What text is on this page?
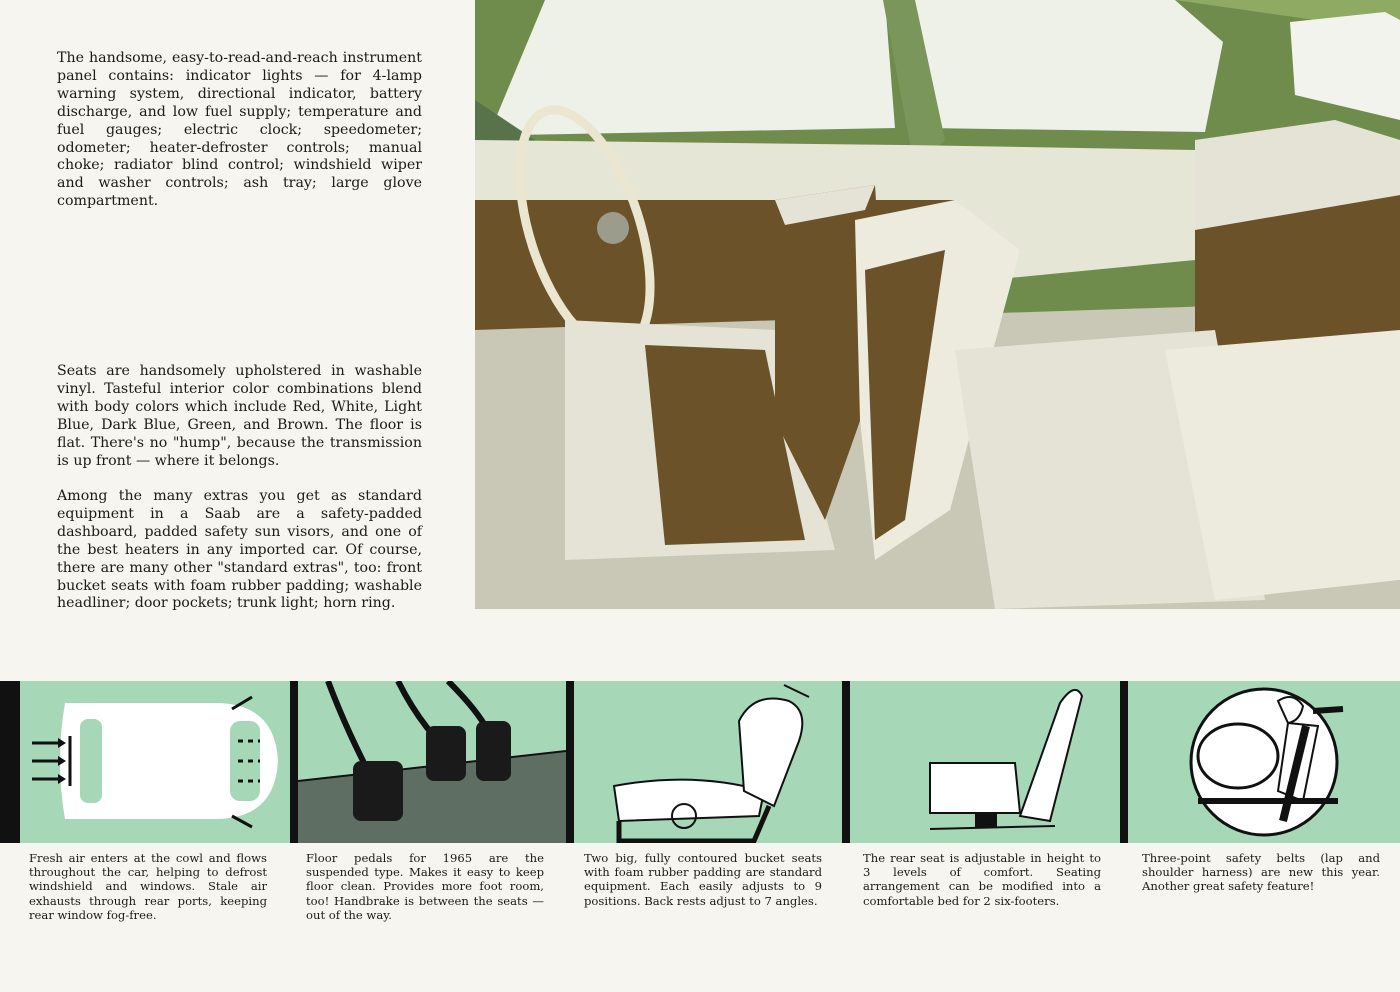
The handsome, easy-to-read-and-reach instrument panel contains: indicator lights — for 4-lamp warning system, directional indicator, battery discharge, and low fuel supply; temperature and fuel gauges; electric clock; speedometer; odometer; heater-defroster controls; manual choke; radiator blind control; windshield wiper and washer controls; ash tray; large glove compartment.

Seats are handsomely upholstered in washable vinyl. Tasteful interior color combinations blend with body colors which include Red, White, Light Blue, Dark Blue, Green, and Brown. The floor is flat. There's no "hump", because the transmission is up front — where it belongs.

Among the many extras you get as standard equipment in a Saab are a safety-padded dashboard, padded safety sun visors, and one of the best heaters in any imported car. Of course, there are many other "standard extras", too: front bucket seats with foam rubber padding; washable headliner; door pockets; trunk light; horn ring.

Fresh air enters at the cowl and flows throughout the car, helping to defrost windshield and windows. Stale air exhausts through rear ports, keeping rear window fog-free.

Floor pedals for 1965 are the suspended type. Makes it easy to keep floor clean. Provides more foot room, too! Handbrake is between the seats — out of the way.

Two big, fully contoured bucket seats with foam rubber padding are standard equipment. Each easily adjusts to 9 positions. Back rests adjust to 7 angles.

The rear seat is adjustable in height to 3 levels of comfort. Seating arrangement can be modified into a comfortable bed for 2 six-footers.

Three-point safety belts (lap and shoulder harness) are new this year. Another great safety feature!
